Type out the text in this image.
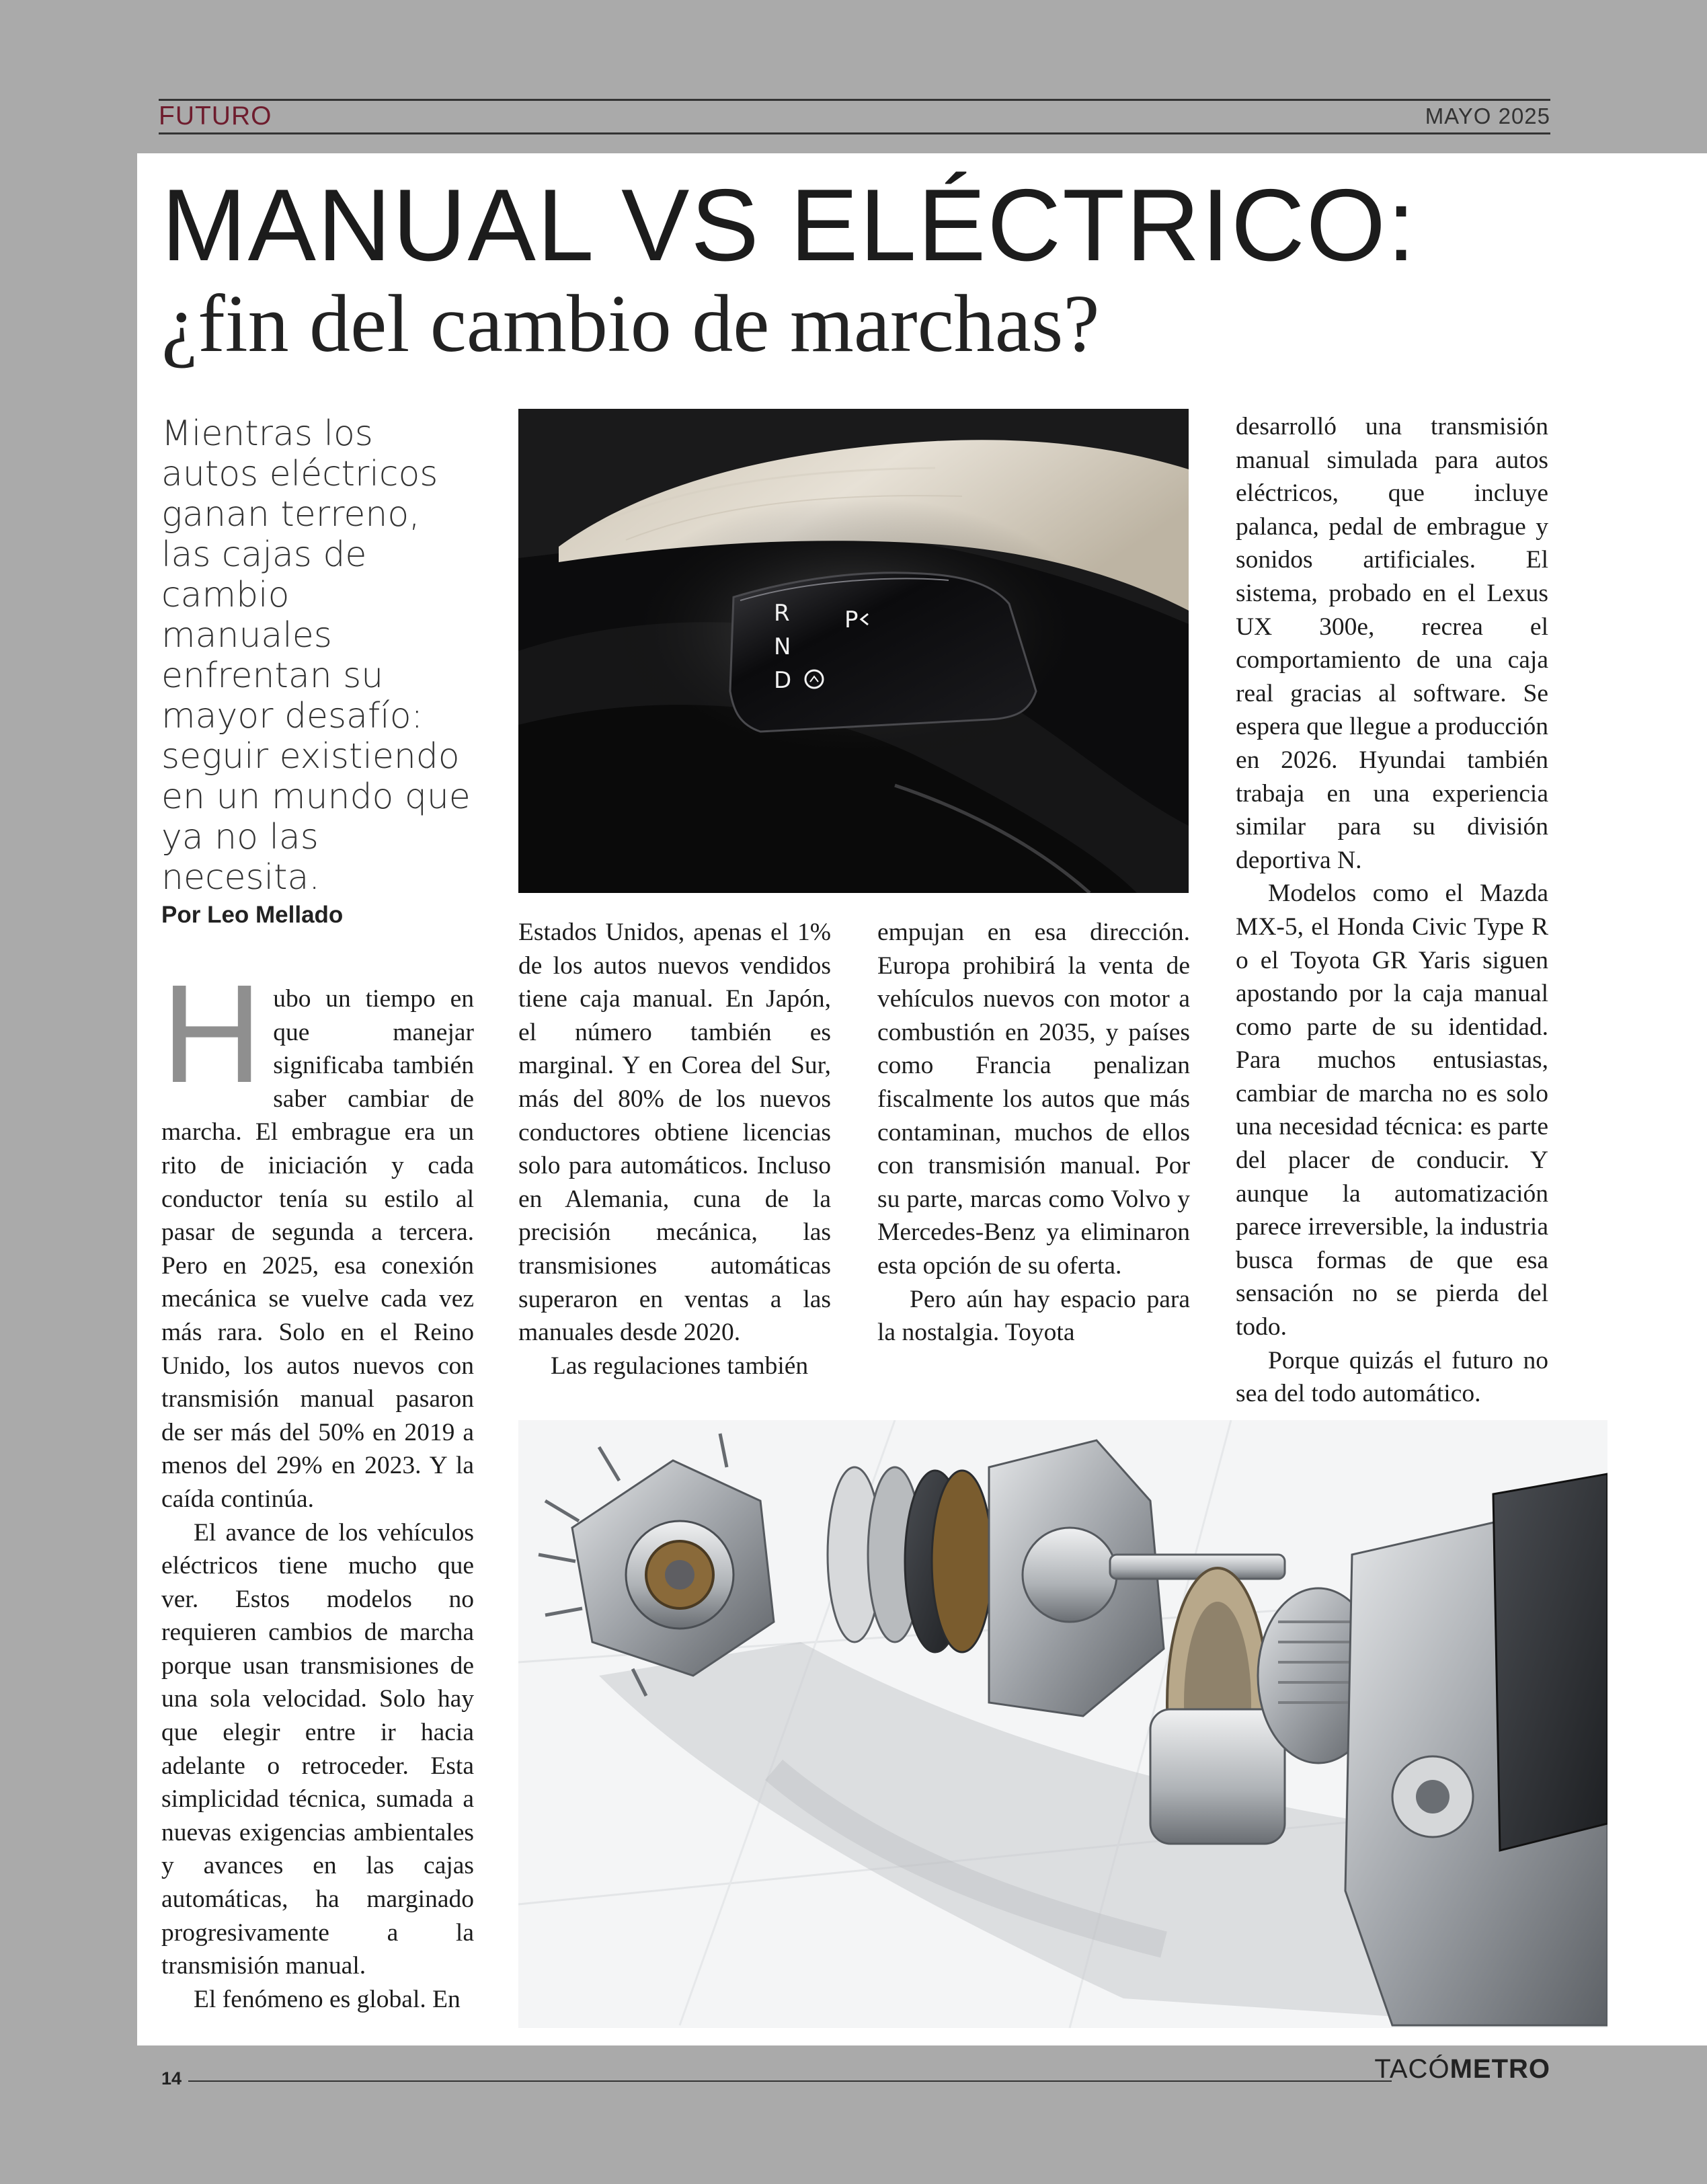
FUTURO	MAYO 2025
MANUAL VS ELÉCTRICO:
¿fin del cambio de marchas?
Mientras los autos eléctricos ganan terreno, las cajas de cambio manuales enfrentan su mayor desafío: seguir existiendo en un mundo que ya no las necesita.
Por Leo Mellado

Hubo un tiempo en que manejar significaba también saber cambiar de marcha. El embrague era un rito de iniciación y cada conductor tenía su estilo al pasar de segunda a tercera. Pero en 2025, esa conexión mecánica se vuelve cada vez más rara. Solo en el Reino Unido, los autos nuevos con transmisión manual pasaron de ser más del 50% en 2019 a menos del 29% en 2023. Y la caída continúa.

El avance de los vehículos eléctricos tiene mucho que ver. Estos modelos no requieren cambios de marcha porque usan transmisiones de una sola velocidad. Solo hay que elegir entre ir hacia adelante o retroceder. Esta simplicidad técnica, sumada a nuevas exigencias ambientales y avances en las cajas automáticas, ha marginado progresivamente a la transmisión manual.

El fenómeno es global. En

Estados Unidos, apenas el 1% de los autos nuevos vendidos tiene caja manual. En Japón, el número también es marginal. Y en Corea del Sur, más del 80% de los nuevos conductores obtiene licencias solo para automáticos. Incluso en Alemania, cuna de la precisión mecánica, las transmisiones automáticas superaron en ventas a las manuales desde 2020.

Las regulaciones también

empujan en esa dirección. Europa prohibirá la venta de vehículos nuevos con motor a combustión en 2035, y países como Francia penalizan fiscalmente los autos que más contaminan, muchos de ellos con transmisión manual. Por su parte, marcas como Volvo y Mercedes-Benz ya eliminaron esta opción de su oferta.

Pero aún hay espacio para la nostalgia. Toyota

desarrolló una transmisión manual simulada para autos eléctricos, que incluye palanca, pedal de embrague y sonidos artificiales. El sistema, probado en el Lexus UX 300e, recrea el comportamiento de una caja real gracias al software. Se espera que llegue a producción en 2026. Hyundai también trabaja en una experiencia similar para su división deportiva N.

Modelos como el Mazda MX-5, el Honda Civic Type R o el Toyota GR Yaris siguen apostando por la caja manual como parte de su identidad. Para muchos entusiastas, cambiar de marcha no es solo una necesidad técnica: es parte del placer de conducir. Y aunque la automatización parece irreversible, la industria busca formas de que esa sensación no se pierda del todo.

Porque quizás el futuro no sea del todo automático.

R
N
D
P
14	TACÓMETRO
